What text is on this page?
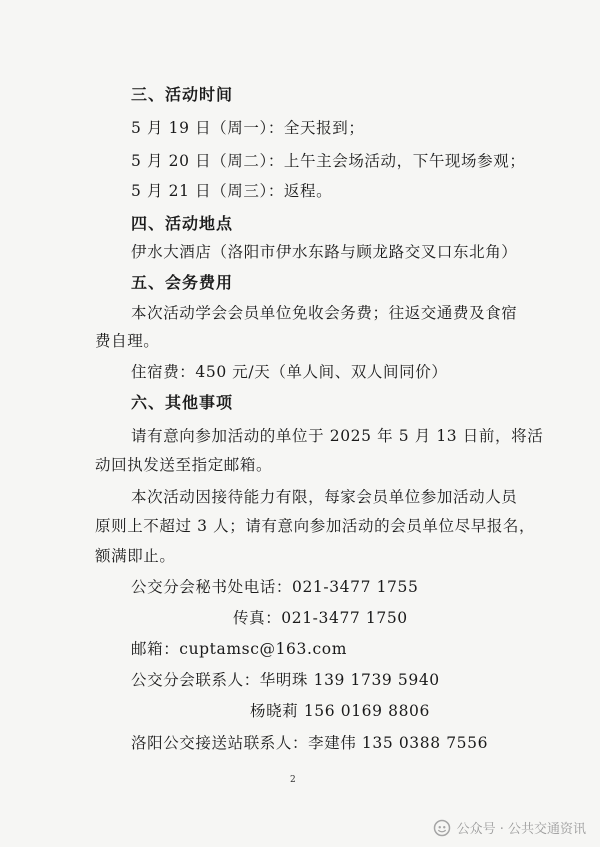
三、活动时间
5 月 19 日（周一）：全天报到；
5 月 20 日（周二）：上午主会场活动，下午现场参观；
5 月 21 日（周三）：返程。
四、活动地点
伊水大酒店（洛阳市伊水东路与顾龙路交叉口东北角）
五、会务费用
本次活动学会会员单位免收会务费；往返交通费及食宿
费自理。
住宿费：450 元/天（单人间、双人间同价）
六、其他事项
请有意向参加活动的单位于 2025 年 5 月 13 日前，将活
动回执发送至指定邮箱。
本次活动因接待能力有限，每家会员单位参加活动人员
原则上不超过 3 人；请有意向参加活动的会员单位尽早报名，
额满即止。
公交分会秘书处电话：021-3477 1755
传真：021-3477 1750
邮箱：cuptamsc@163.com
公交分会联系人：华明珠 139 1739 5940
杨晓莉 156 0169 8806
洛阳公交接送站联系人：李建伟 135 0388 7556
2
公众号 · 公共交通资讯
